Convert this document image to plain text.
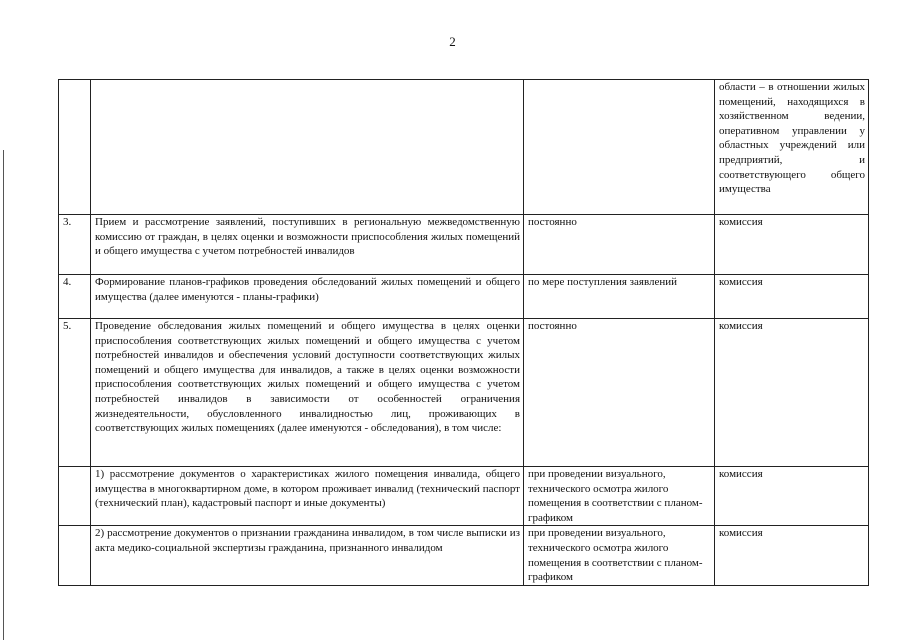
2
			области – в отношении жилых помещений, находящихся в хозяйственном ведении, оперативном управлении у областных учреждений или предприятий, и соответствующего общего имущества
3.	Прием и рассмотрение заявлений, поступивших в региональную межведомственную комиссию от граждан, в целях оценки и возможности приспособления жилых помещений и общего имущества с учетом потребностей инвалидов	постоянно	комиссия
4.	Формирование планов-графиков проведения обследований жилых помещений и общего имущества (далее именуются - планы-графики)	по мере поступления заявлений	комиссия
5.	Проведение обследования жилых помещений и общего имущества в целях оценки приспособления соответствующих жилых помещений и общего имущества с учетом потребностей инвалидов и обеспечения условий доступности соответствующих жилых помещений и общего имущества для инвалидов, а также в целях оценки возможности приспособления соответствующих жилых помещений и общего имущества с учетом потребностей инвалидов в зависимости от особенностей ограничения жизнедеятельности, обусловленного инвалидностью лиц, проживающих в соответствующих жилых помещениях (далее именуются - обследования), в том числе:	постоянно	комиссия
	1) рассмотрение документов о характеристиках жилого помещения инвалида, общего имущества в многоквартирном доме, в котором проживает инвалид (технический паспорт (технический план), кадастровый паспорт и иные документы)	при проведении визуального, технического осмотра жилого помещения в соответствии с планом-графиком	комиссия
	2) рассмотрение документов о признании гражданина инвалидом, в том числе выписки из акта медико-социальной экспертизы гражданина, признанного инвалидом	при проведении визуального, технического осмотра жилого помещения в соответствии с планом-графиком	комиссия
